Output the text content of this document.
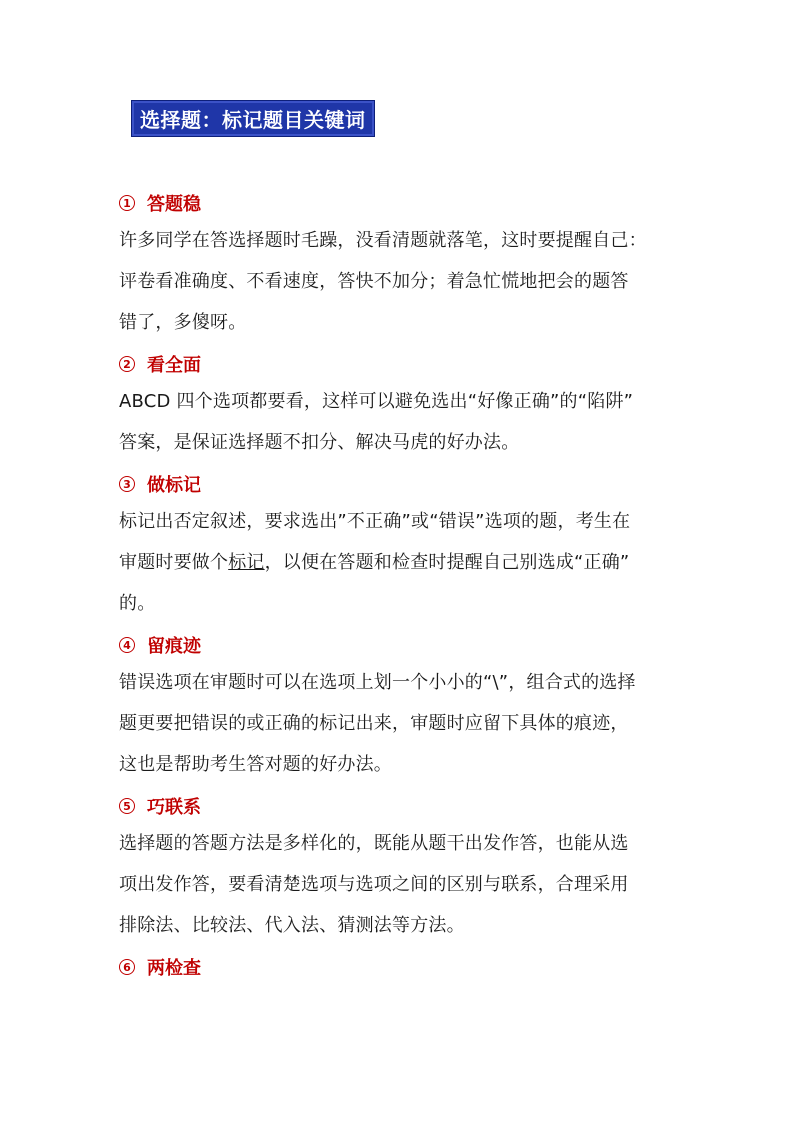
选择题：标记题目关键词
1 答题稳
许多同学在答选择题时毛躁，没看清题就落笔，这时要提醒自己：
评卷看准确度、不看速度，答快不加分；着急忙慌地把会的题答
错了，多傻呀。
2 看全面
ABCD 四个选项都要看，这样可以避免选出“好像正确”的“陷阱”
答案，是保证选择题不扣分、解决马虎的好办法。
3 做标记
标记出否定叙述，要求选出”不正确”或“错误”选项的题，考生在
审题时要做个标记，以便在答题和检查时提醒自己别选成“正确”
的。
4 留痕迹
错误选项在审题时可以在选项上划一个小小的“\”，组合式的选择
题更要把错误的或正确的标记出来，审题时应留下具体的痕迹，
这也是帮助考生答对题的好办法。
5 巧联系
选择题的答题方法是多样化的，既能从题干出发作答，也能从选
项出发作答，要看清楚选项与选项之间的区别与联系，合理采用
排除法、比较法、代入法、猜测法等方法。
6 两检查
